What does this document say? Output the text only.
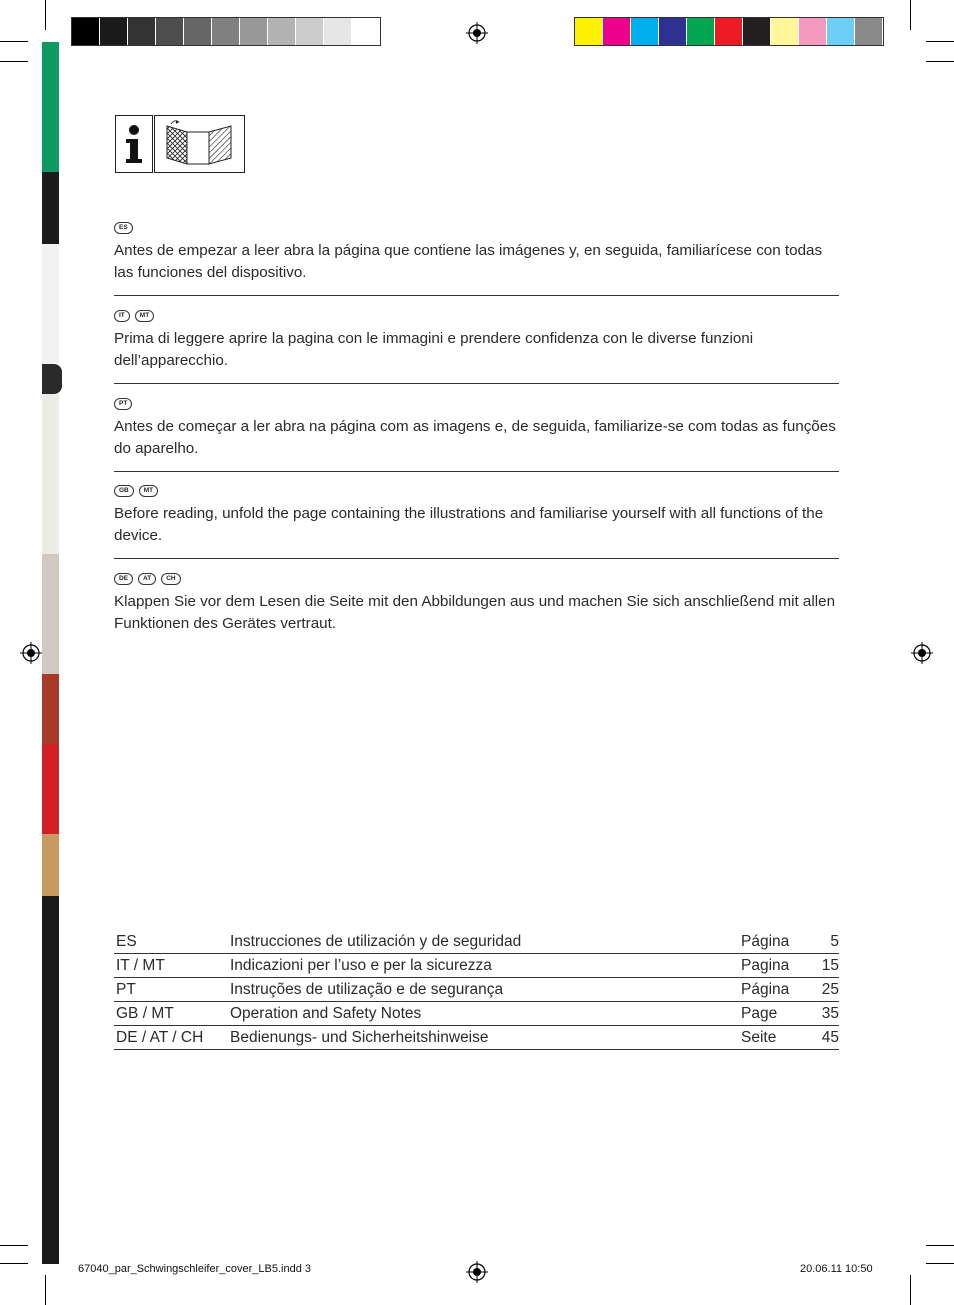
ES
Antes de empezar a leer abra la página que contiene las imágenes y, en seguida, familiarícese con todas las funciones del dispositivo.
IT	MT
Prima di leggere aprire la pagina con le immagini e prendere confidenza con le diverse funzioni dell’apparecchio.
PT
Antes de começar a ler abra na página com as imagens e, de seguida, familiarize-se com todas as funções do aparelho.
GB	MT
Before reading, unfold the page containing the illustrations and familiarise yourself with all functions of the device.
DE	AT	CH
Klappen Sie vor dem Lesen die Seite mit den Abbildungen aus und machen Sie sich anschließend mit allen Funktionen des Gerätes vertraut.
ES	Instrucciones de utilización y de seguridad	Página	5
IT / MT	Indicazioni per l’uso e per la sicurezza	Pagina	15
PT	Instruções de utilização e de segurança	Página	25
GB / MT	Operation and Safety Notes	Page	35
DE / AT / CH	Bedienungs- und Sicherheitshinweise	Seite	45
67040_par_Schwingschleifer_cover_LB5.indd 3	20.06.11 10:50
